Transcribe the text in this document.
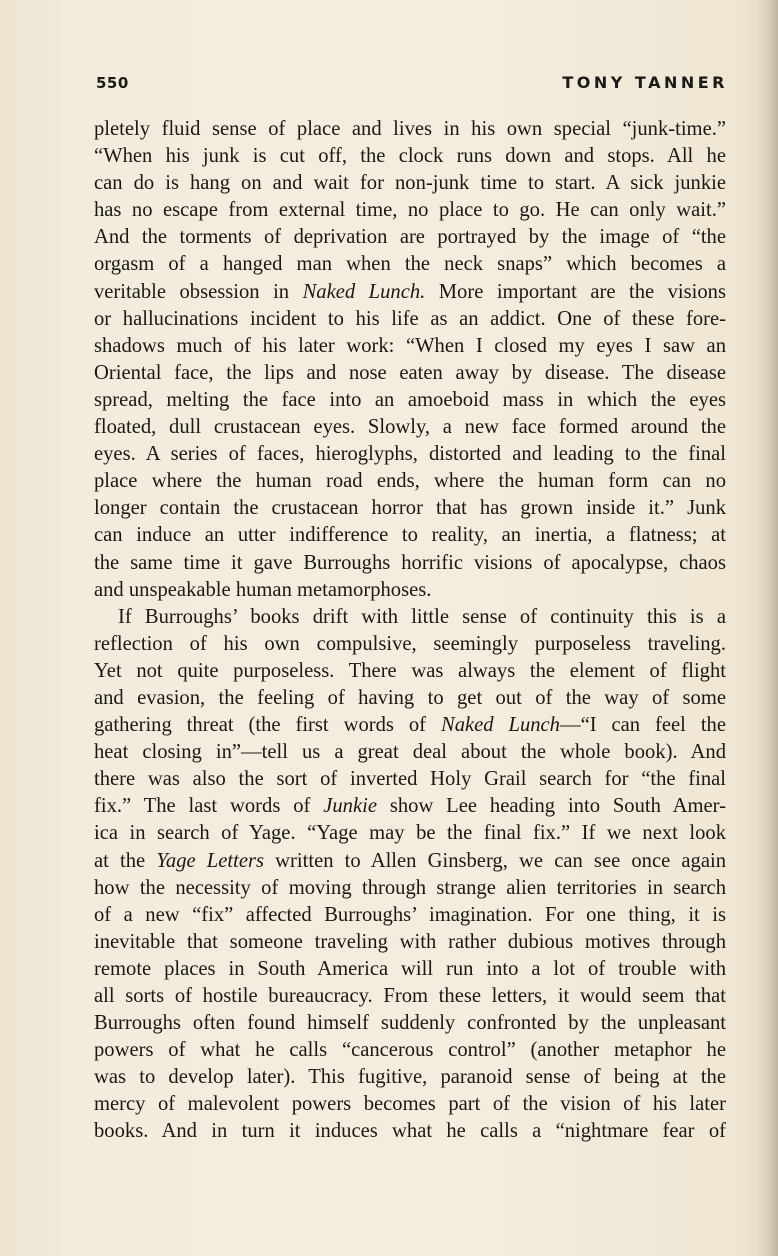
550	TONY TANNER
pletely fluid sense of place and lives in his own special “junk-time.”
“When his junk is cut off, the clock runs down and stops. All he
can do is hang on and wait for non-junk time to start. A sick junkie
has no escape from external time, no place to go. He can only wait.”
And the torments of deprivation are portrayed by the image of “the
orgasm of a hanged man when the neck snaps” which becomes a
veritable obsession in Naked Lunch. More important are the visions
or hallucinations incident to his life as an addict. One of these fore-
shadows much of his later work: “When I closed my eyes I saw an
Oriental face, the lips and nose eaten away by disease. The disease
spread, melting the face into an amoeboid mass in which the eyes
floated, dull crustacean eyes. Slowly, a new face formed around the
eyes. A series of faces, hieroglyphs, distorted and leading to the final
place where the human road ends, where the human form can no
longer contain the crustacean horror that has grown inside it.” Junk
can induce an utter indifference to reality, an inertia, a flatness; at
the same time it gave Burroughs horrific visions of apocalypse, chaos
and unspeakable human metamorphoses.
If Burroughs’ books drift with little sense of continuity this is a
reflection of his own compulsive, seemingly purposeless traveling.
Yet not quite purposeless. There was always the element of flight
and evasion, the feeling of having to get out of the way of some
gathering threat (the first words of Naked Lunch—“I can feel the
heat closing in”—tell us a great deal about the whole book). And
there was also the sort of inverted Holy Grail search for “the final
fix.” The last words of Junkie show Lee heading into South Amer-
ica in search of Yage. “Yage may be the final fix.” If we next look
at the Yage Letters written to Allen Ginsberg, we can see once again
how the necessity of moving through strange alien territories in search
of a new “fix” affected Burroughs’ imagination. For one thing, it is
inevitable that someone traveling with rather dubious motives through
remote places in South America will run into a lot of trouble with
all sorts of hostile bureaucracy. From these letters, it would seem that
Burroughs often found himself suddenly confronted by the unpleasant
powers of what he calls “cancerous control” (another metaphor he
was to develop later). This fugitive, paranoid sense of being at the
mercy of malevolent powers becomes part of the vision of his later
books. And in turn it induces what he calls a “nightmare fear of
